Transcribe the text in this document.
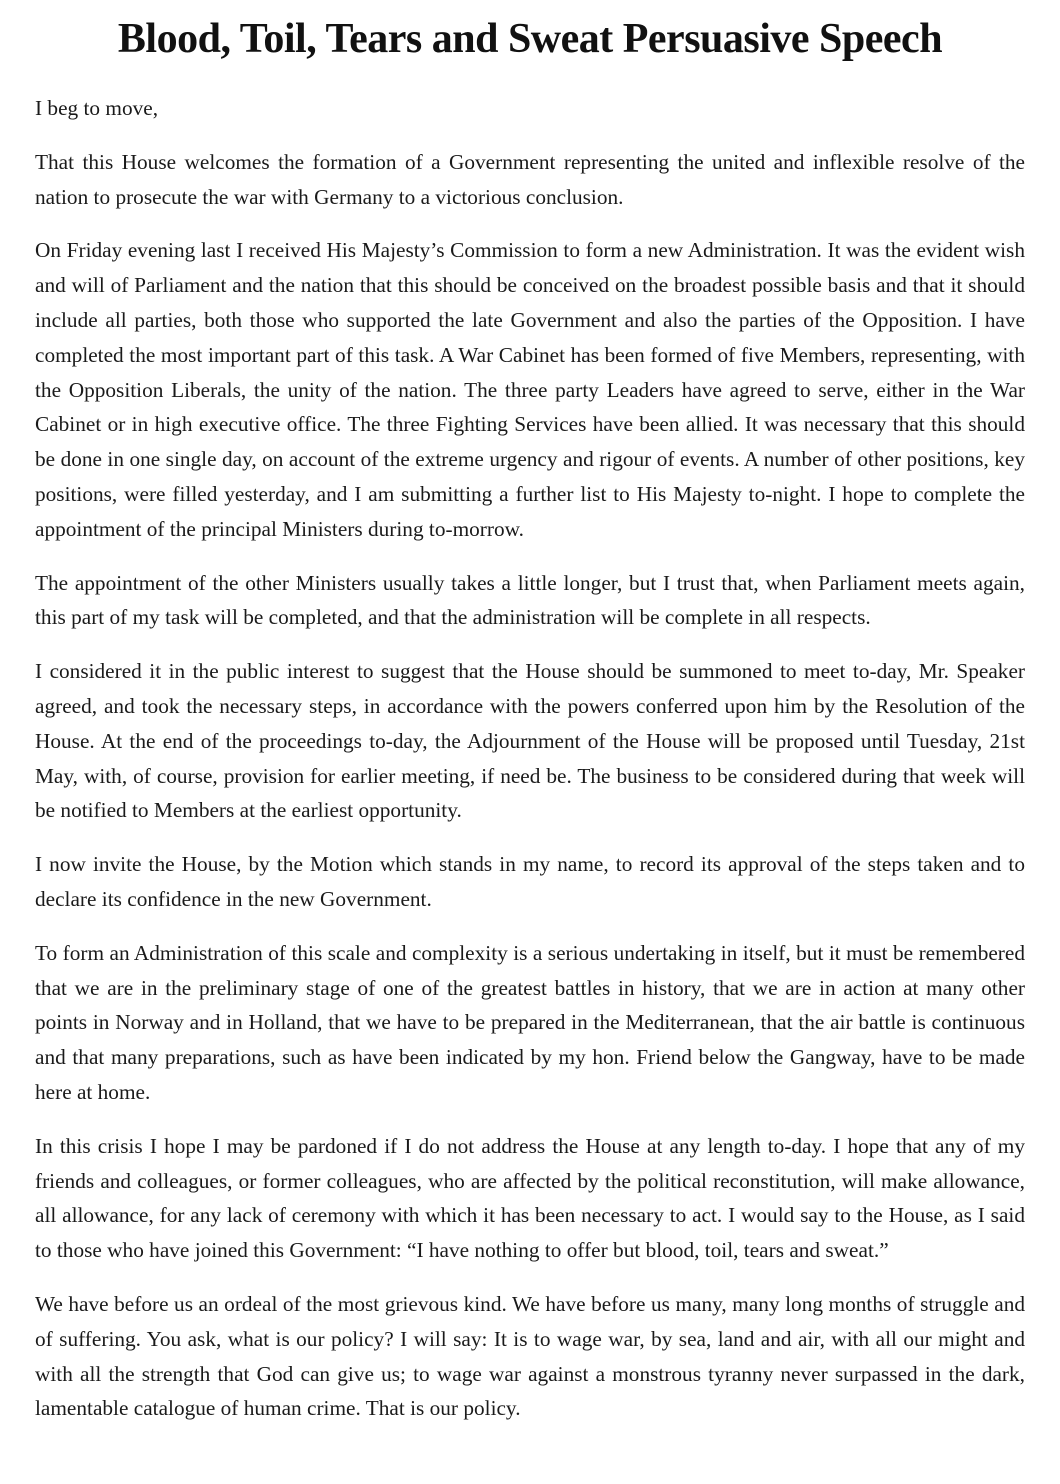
Blood, Toil, Tears and Sweat Persuasive Speech

I beg to move,

That this House welcomes the formation of a Government representing the united and inflexible resolve of the nation to prosecute the war with Germany to a victorious conclusion.

On Friday evening last I received His Majesty’s Commission to form a new Administration. It was the evident wish and will of Parliament and the nation that this should be conceived on the broadest possible basis and that it should include all parties, both those who supported the late Government and also the parties of the Opposition. I have completed the most important part of this task. A War Cabinet has been formed of five Members, representing, with the Opposition Liberals, the unity of the nation. The three party Leaders have agreed to serve, either in the War Cabinet or in high executive office. The three Fighting Services have been allied. It was necessary that this should be done in one single day, on account of the extreme urgency and rigour of events. A number of other positions, key positions, were filled yesterday, and I am submitting a further list to His Majesty to-night. I hope to complete the appointment of the principal Ministers during to-morrow.

The appointment of the other Ministers usually takes a little longer, but I trust that, when Parliament meets again, this part of my task will be completed, and that the administration will be complete in all respects.

I considered it in the public interest to suggest that the House should be summoned to meet to-day, Mr. Speaker agreed, and took the necessary steps, in accordance with the powers conferred upon him by the Resolution of the House. At the end of the proceedings to-day, the Adjournment of the House will be proposed until Tuesday, 21st May, with, of course, provision for earlier meeting, if need be. The business to be considered during that week will be notified to Members at the earliest opportunity.

I now invite the House, by the Motion which stands in my name, to record its approval of the steps taken and to declare its confidence in the new Government.

To form an Administration of this scale and complexity is a serious undertaking in itself, but it must be remembered that we are in the preliminary stage of one of the greatest battles in history, that we are in action at many other points in Norway and in Holland, that we have to be prepared in the Mediterranean, that the air battle is continuous and that many preparations, such as have been indicated by my hon. Friend below the Gangway, have to be made here at home.

In this crisis I hope I may be pardoned if I do not address the House at any length to-day. I hope that any of my friends and colleagues, or former colleagues, who are affected by the political reconstitution, will make allowance, all allowance, for any lack of ceremony with which it has been necessary to act. I would say to the House, as I said to those who have joined this Government: “I have nothing to offer but blood, toil, tears and sweat.”

We have before us an ordeal of the most grievous kind. We have before us many, many long months of struggle and of suffering. You ask, what is our policy? I will say: It is to wage war, by sea, land and air, with all our might and with all the strength that God can give us; to wage war against a monstrous tyranny never surpassed in the dark, lamentable catalogue of human crime. That is our policy.
